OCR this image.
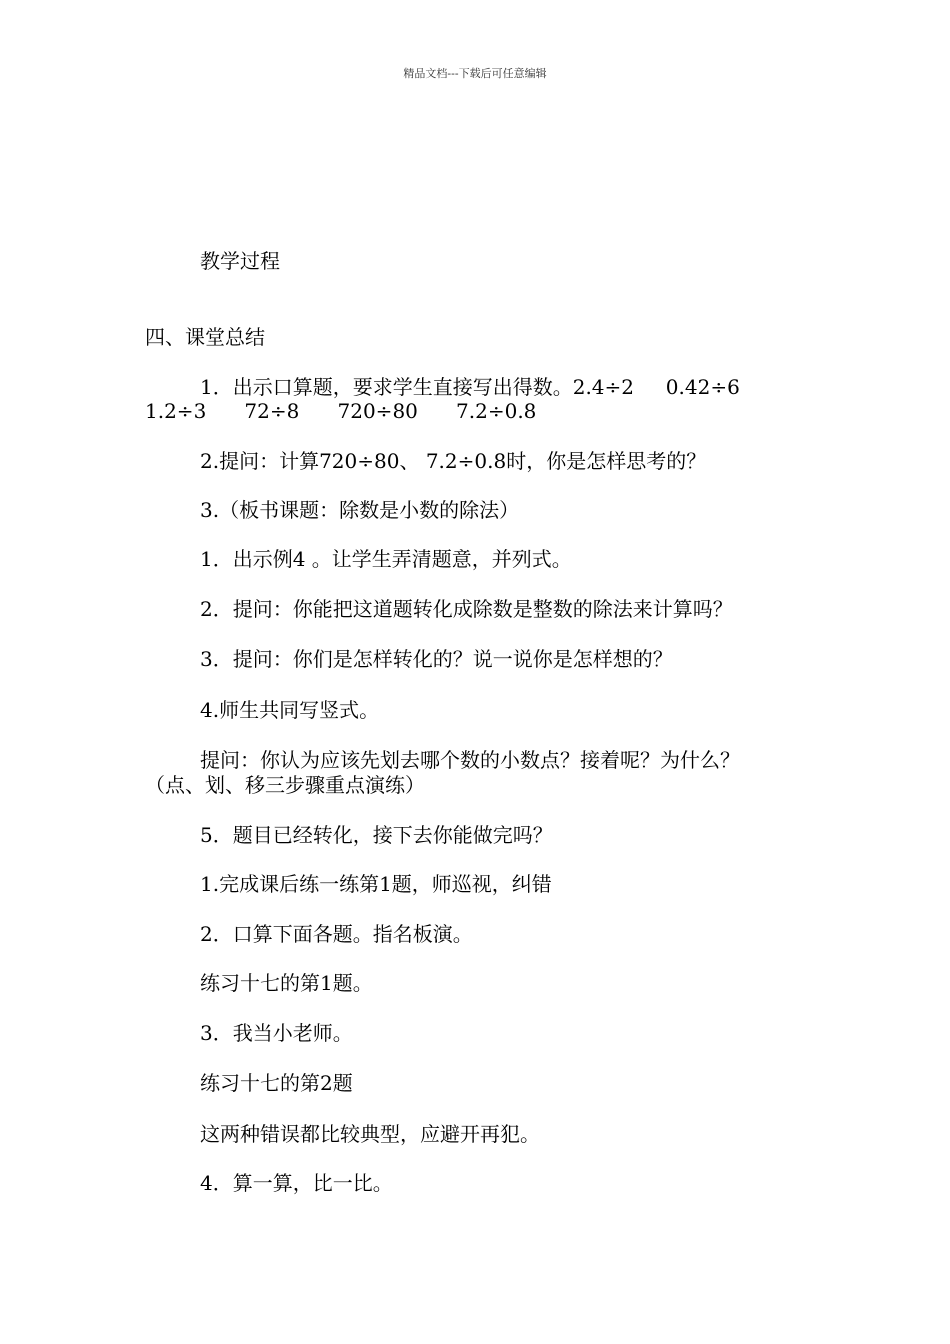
精品文档---下载后可任意编辑
教学过程
四、课堂总结
1．出示口算题，要求学生直接写出得数。2.4÷2     0.42÷6
1.2÷3      72÷8      720÷80      7.2÷0.8
2.提问：计算720÷80、 7.2÷0.8时，你是怎样思考的？
3.（板书课题：除数是小数的除法）
1．出示例4 。让学生弄清题意，并列式。
2．提问：你能把这道题转化成除数是整数的除法来计算吗？
3．提问：你们是怎样转化的？说一说你是怎样想的？
4.师生共同写竖式。
提问：你认为应该先划去哪个数的小数点？接着呢？为什么？
（点、划、移三步骤重点演练）
5．题目已经转化，接下去你能做完吗？
1.完成课后练一练第1题，师巡视，纠错
2．口算下面各题。指名板演。
练习十七的第1题。
3．我当小老师。
练习十七的第2题
这两种错误都比较典型，应避开再犯。
4．算一算，比一比。
